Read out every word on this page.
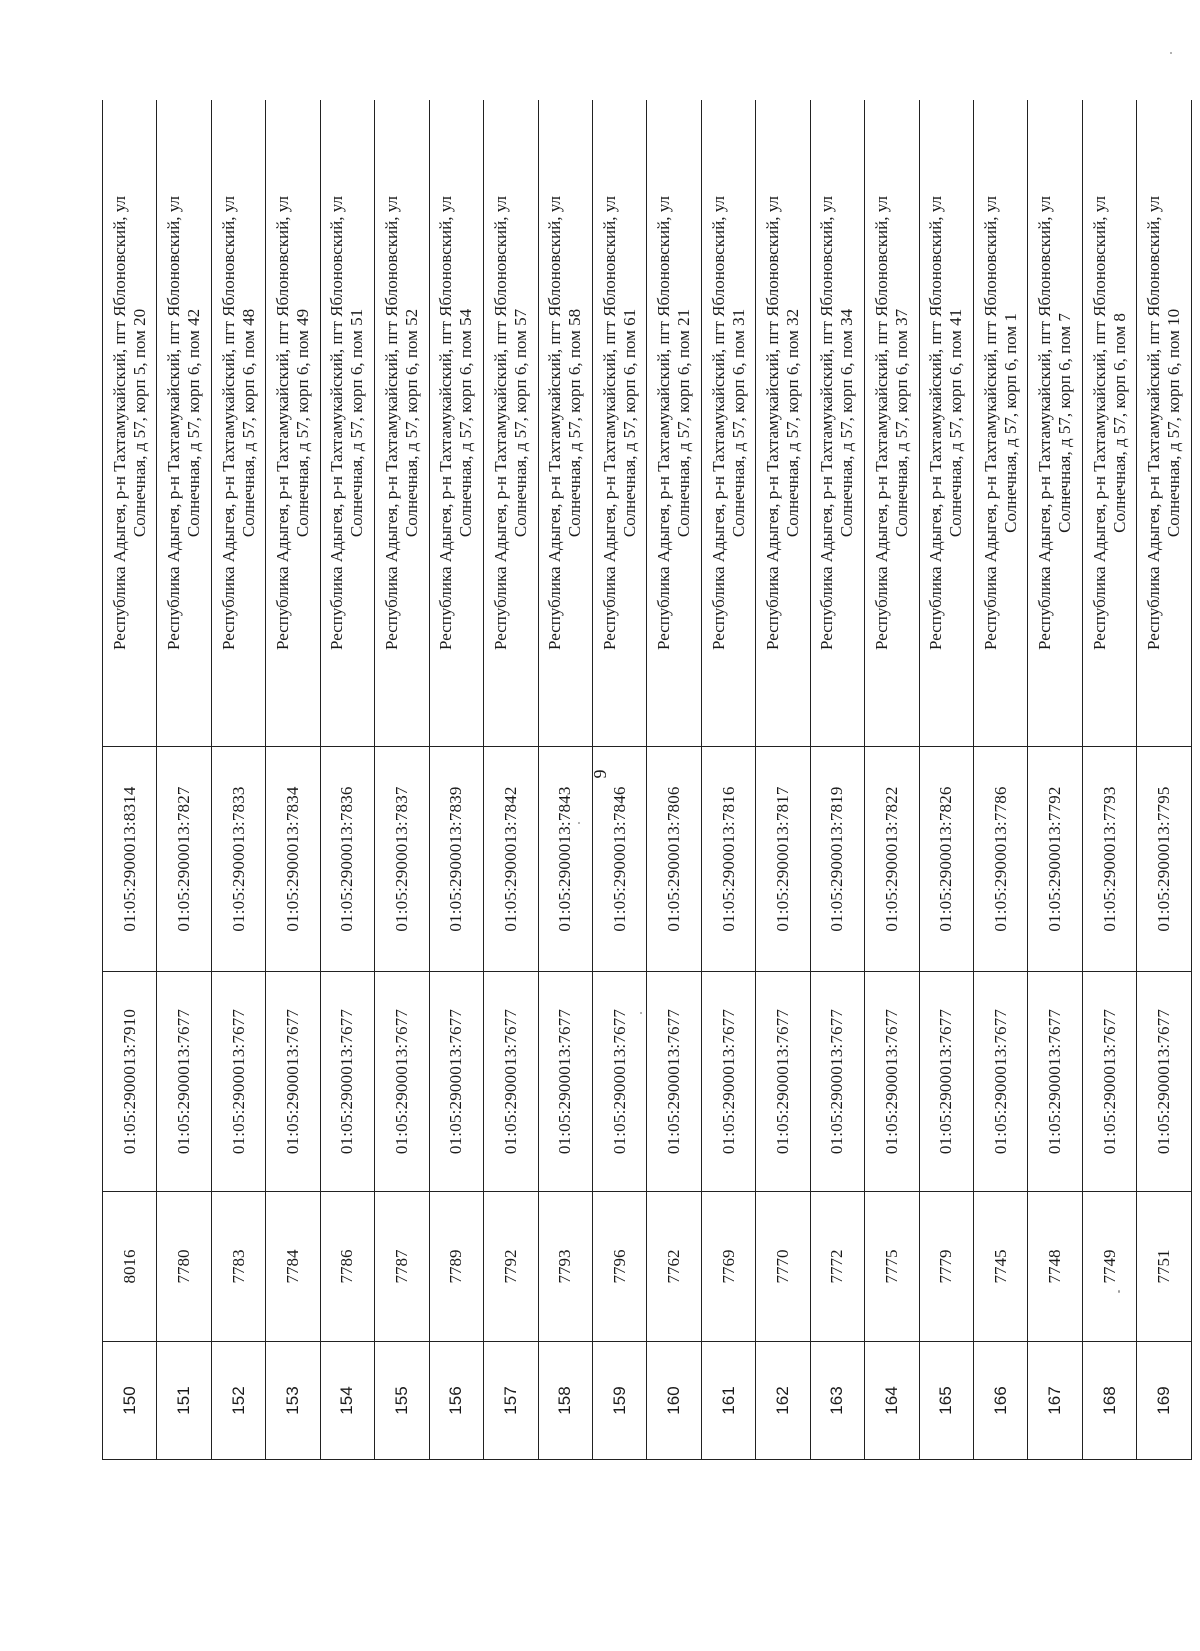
150	8016	01:05:2900013:7910	01:05:2900013:8314	Республика Адыгея, р-н Тахтамукайский, пгт Яблоновский, ул Солнечная, д 57, корп 5, пом 20

151	7780	01:05:2900013:7677	01:05:2900013:7827	Республика Адыгея, р-н Тахтамукайский, пгт Яблоновский, ул Солнечная, д 57, корп 6, пом 42

152	7783	01:05:2900013:7677	01:05:2900013:7833	Республика Адыгея, р-н Тахтамукайский, пгт Яблоновский, ул Солнечная, д 57, корп 6, пом 48

153	7784	01:05:2900013:7677	01:05:2900013:7834	Республика Адыгея, р-н Тахтамукайский, пгт Яблоновский, ул Солнечная, д 57, корп 6, пом 49

154	7786	01:05:2900013:7677	01:05:2900013:7836	Республика Адыгея, р-н Тахтамукайский, пгт Яблоновский, ул Солнечная, д 57, корп 6, пом 51

155	7787	01:05:2900013:7677	01:05:2900013:7837	Республика Адыгея, р-н Тахтамукайский, пгт Яблоновский, ул Солнечная, д 57, корп 6, пом 52

156	7789	01:05:2900013:7677	01:05:2900013:7839	Республика Адыгея, р-н Тахтамукайский, пгт Яблоновский, ул Солнечная, д 57, корп 6, пом 54

157	7792	01:05:2900013:7677	01:05:2900013:7842	Республика Адыгея, р-н Тахтамукайский, пгт Яблоновский, ул Солнечная, д 57, корп 6, пом 57

158	7793	01:05:2900013:7677	01:05:2900013:7843	Республика Адыгея, р-н Тахтамукайский, пгт Яблоновский, ул Солнечная, д 57, корп 6, пом 58

159	7796	01:05:2900013:7677	01:05:2900013:7846	Республика Адыгея, р-н Тахтамукайский, пгт Яблоновский, ул Солнечная, д 57, корп 6, пом 61

160	7762	01:05:2900013:7677	01:05:2900013:7806	Республика Адыгея, р-н Тахтамукайский, пгт Яблоновский, ул Солнечная, д 57, корп 6, пом 21

161	7769	01:05:2900013:7677	01:05:2900013:7816	Республика Адыгея, р-н Тахтамукайский, пгт Яблоновский, ул Солнечная, д 57, корп 6, пом 31

162	7770	01:05:2900013:7677	01:05:2900013:7817	Республика Адыгея, р-н Тахтамукайский, пгт Яблоновский, ул Солнечная, д 57, корп 6, пом 32

163	7772	01:05:2900013:7677	01:05:2900013:7819	Республика Адыгея, р-н Тахтамукайский, пгт Яблоновский, ул Солнечная, д 57, корп 6, пом 34

164	7775	01:05:2900013:7677	01:05:2900013:7822	Республика Адыгея, р-н Тахтамукайский, пгт Яблоновский, ул Солнечная, д 57, корп 6, пом 37

165	7779	01:05:2900013:7677	01:05:2900013:7826	Республика Адыгея, р-н Тахтамукайский, пгт Яблоновский, ул Солнечная, д 57, корп 6, пом 41

166	7745	01:05:2900013:7677	01:05:2900013:7786	Республика Адыгея, р-н Тахтамукайский, пгт Яблоновский, ул Солнечная, д 57, корп 6, пом 1

167	7748	01:05:2900013:7677	01:05:2900013:7792	Республика Адыгея, р-н Тахтамукайский, пгт Яблоновский, ул Солнечная, д 57, корп 6, пом 7

168	7749	01:05:2900013:7677	01:05:2900013:7793	Республика Адыгея, р-н Тахтамукайский, пгт Яблоновский, ул Солнечная, д 57, корп 6, пом 8

169	7751	01:05:2900013:7677	01:05:2900013:7795	Республика Адыгея, р-н Тахтамукайский, пгт Яблоновский, ул Солнечная, д 57, корп 6, пом 10
9
